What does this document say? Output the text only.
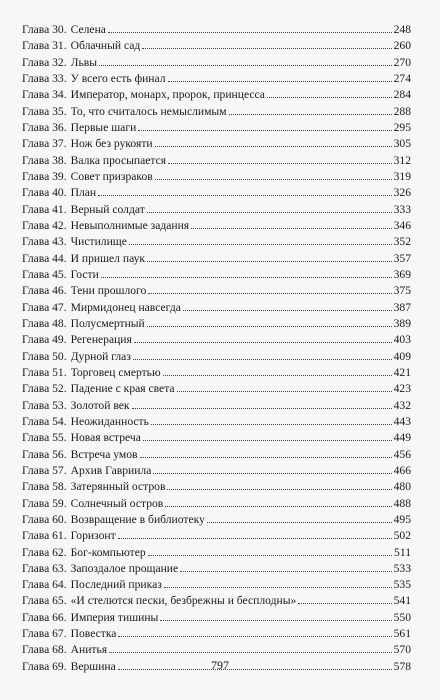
Глава 30. Селена	248
Глава 31. Облачный сад	260
Глава 32. Львы	270
Глава 33. У всего есть финал	274
Глава 34. Император, монарх, пророк, принцесса	284
Глава 35. То, что считалось немыслимым	288
Глава 36. Первые шаги	295
Глава 37. Нож без рукояти	305
Глава 38. Валка просыпается	312
Глава 39. Совет призраков	319
Глава 40. План	326
Глава 41. Верный солдат	333
Глава 42. Невыполнимые задания	346
Глава 43. Чистилище	352
Глава 44. И пришел паук	357
Глава 45. Гости	369
Глава 46. Тени прошлого	375
Глава 47. Мирмидонец навсегда	387
Глава 48. Полусмертный	389
Глава 49. Регенерация	403
Глава 50. Дурной глаз	409
Глава 51. Торговец смертью	421
Глава 52. Падение с края света	423
Глава 53. Золотой век	432
Глава 54. Неожиданность	443
Глава 55. Новая встреча	449
Глава 56. Встреча умов	456
Глава 57. Архив Гавриила	466
Глава 58. Затерянный остров	480
Глава 59. Солнечный остров	488
Глава 60. Возвращение в библиотеку	495
Глава 61. Горизонт	502
Глава 62. Бог-компьютер	511
Глава 63. Запоздалое прощание	533
Глава 64. Последний приказ	535
Глава 65. «И стелются пески, безбрежны и бесплодны»	541
Глава 66. Империя тишины	550
Глава 67. Повестка	561
Глава 68. Анитья	570
Глава 69. Вершина	578
797
